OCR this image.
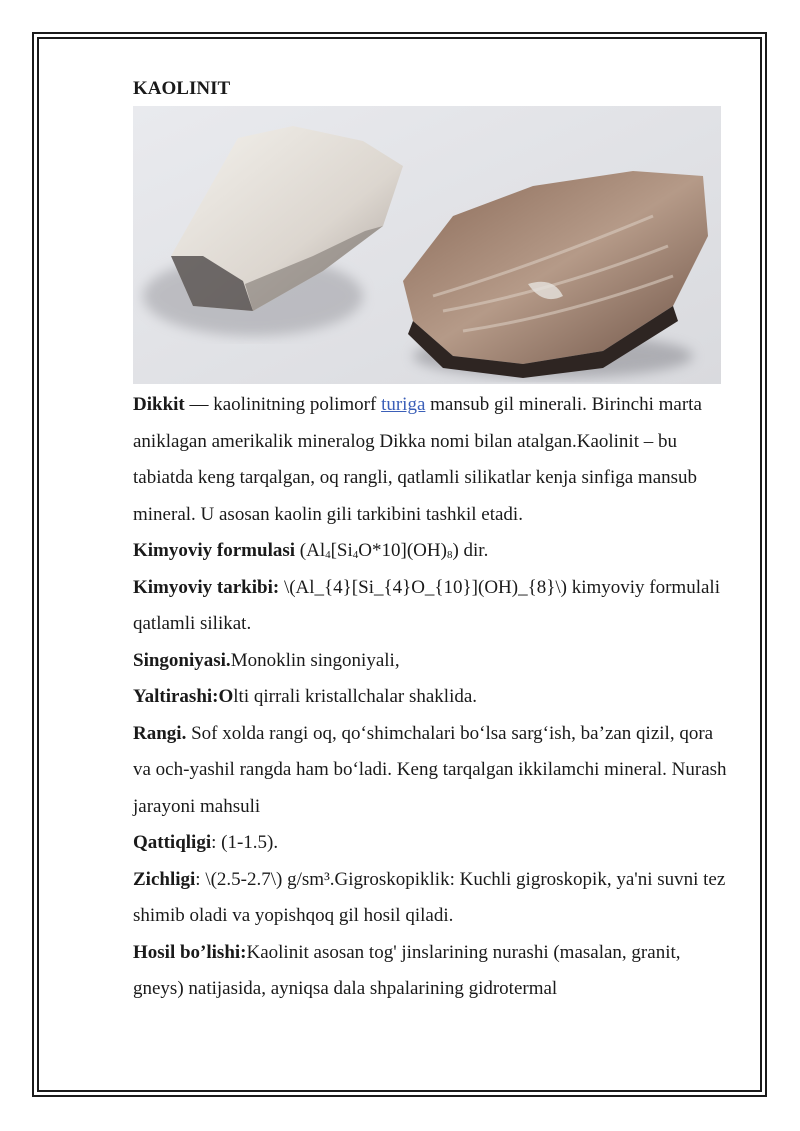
KAOLINIT

Dikkit — kaolinitning polimorf turiga mansub gil minerali. Birinchi marta aniklagan amerikalik mineralog Dikka nomi bilan atalgan.Kaolinit – bu tabiatda keng tarqalgan, oq rangli, qatlamli silikatlar kenja sinfiga mansub mineral. U asosan kaolin gili tarkibini tashkil etadi.

Kimyoviy formulasi $(Al_4[Si_4O*10](OH)_8)$ dir.

Kimyoviy tarkibi: \(Al_{4}[Si_{4}O_{10}](OH)_{8}\) kimyoviy formulali qatlamli silikat.

Singoniyasi.Monoklin singoniyali,

Yaltirashi:Olti qirrali kristallchalar shaklida.

Rangi. Sof xolda rangi oq, qo‘shimchalari bo‘lsa sarg‘ish, ba’zan qizil, qora va och-yashil rangda ham bo‘ladi. Keng tarqalgan ikkilamchi mineral. Nurash jarayoni mahsuli

Qattiqligi: (1-1.5).

Zichligi: \(2.5-2.7\) g/sm³.Gigroskopiklik: Kuchli gigroskopik, ya'ni suvni tez shimib oladi va yopishqoq gil hosil qiladi.

Hosil bo’lishi:Kaolinit asosan tog' jinslarining nurashi (masalan, granit, gneys) natijasida, ayniqsa dala shpalarining gidrotermal
